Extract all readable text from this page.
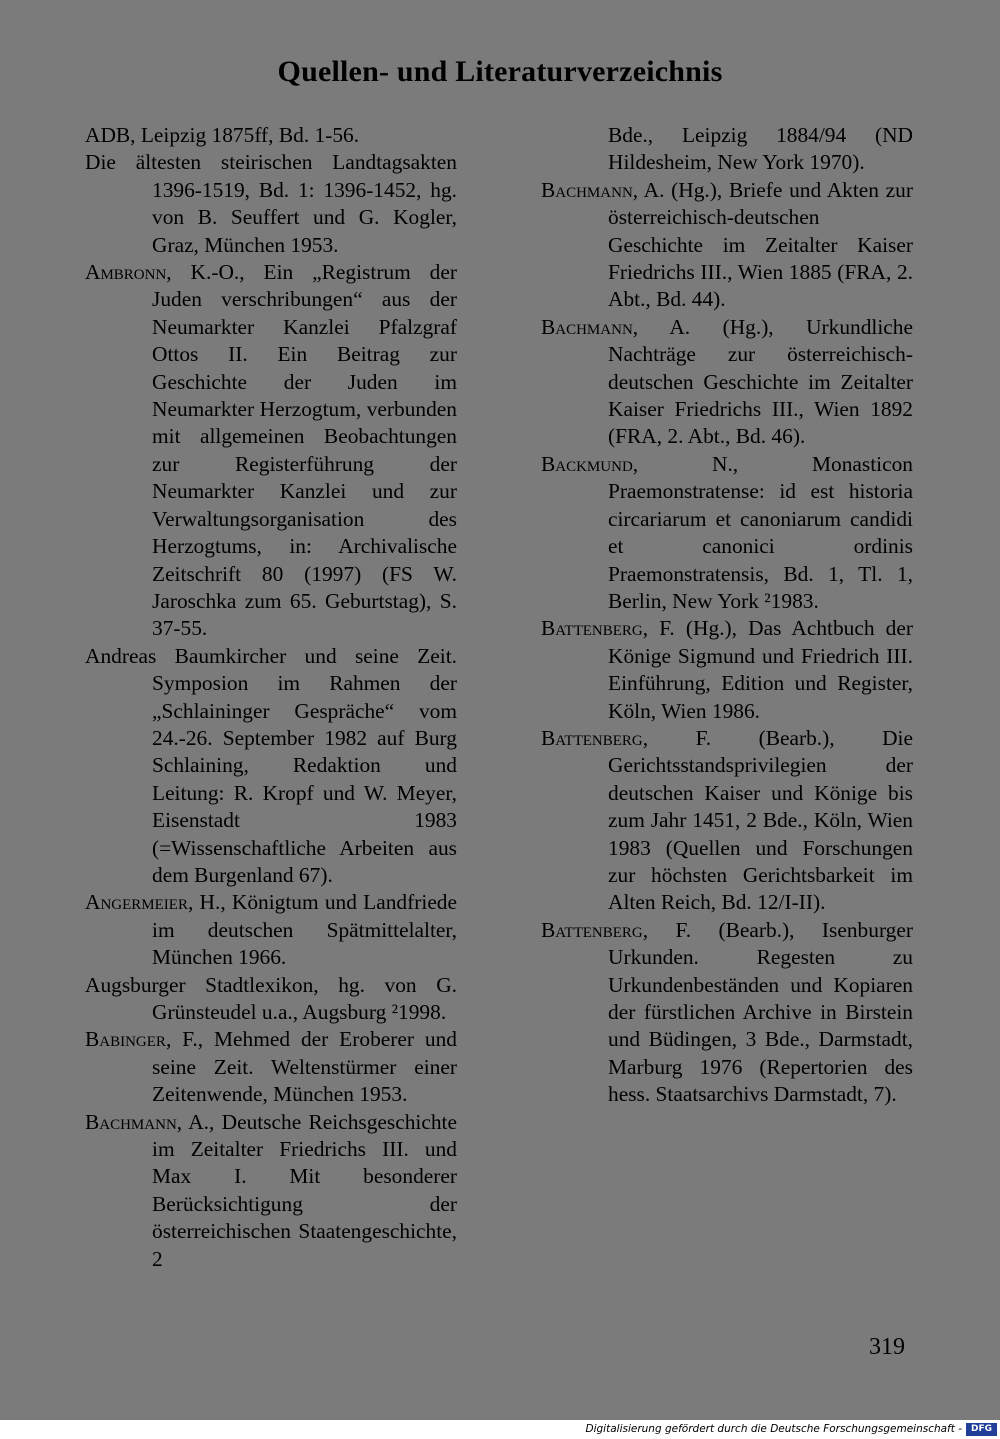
Quellen- und Literaturverzeichnis

ADB, Leipzig 1875ff, Bd. 1-56.

Die ältesten steirischen Landtagsakten 1396-1519, Bd. 1: 1396-1452, hg. von B. Seuffert und G. Kogler, Graz, München 1953.

Ambronn, K.-O., Ein „Registrum der Juden verschribungen“ aus der Neumarkter Kanzlei Pfalzgraf Ottos II. Ein Beitrag zur Geschichte der Juden im Neumarkter Herzogtum, verbunden mit allgemeinen Beobachtungen zur Registerführung der Neumarkter Kanzlei und zur Verwaltungsorganisation des Herzogtums, in: Archivalische Zeitschrift 80 (1997) (FS W. Jaroschka zum 65. Geburtstag), S. 37-55.

Andreas Baumkircher und seine Zeit. Symposion im Rahmen der „Schlaininger Gespräche“ vom 24.-26. September 1982 auf Burg Schlaining, Redaktion und Leitung: R. Kropf und W. Meyer, Eisenstadt 1983 (=Wissenschaftliche Arbeiten aus dem Burgenland 67).

Angermeier, H., Königtum und Landfriede im deutschen Spätmittelalter, München 1966.

Augsburger Stadtlexikon, hg. von G. Grünsteudel u.a., Augsburg ²1998.

Babinger, F., Mehmed der Eroberer und seine Zeit. Weltenstürmer einer Zeitenwende, München 1953.

Bachmann, A., Deutsche Reichsgeschichte im Zeitalter Friedrichs III. und Max I. Mit besonderer Berücksichtigung der österreichischen Staatengeschichte, 2

Bde., Leipzig 1884/94 (ND Hildesheim, New York 1970).

Bachmann, A. (Hg.), Briefe und Akten zur österreichisch-deutschen Geschichte im Zeitalter Kaiser Friedrichs III., Wien 1885 (FRA, 2. Abt., Bd. 44).

Bachmann, A. (Hg.), Urkundliche Nachträge zur österreichisch-deutschen Geschichte im Zeitalter Kaiser Friedrichs III., Wien 1892 (FRA, 2. Abt., Bd. 46).

Backmund, N., Monasticon Praemonstratense: id est historia circariarum et canoniarum candidi et canonici ordinis Praemonstratensis, Bd. 1, Tl. 1, Berlin, New York ²1983.

Battenberg, F. (Hg.), Das Achtbuch der Könige Sigmund und Friedrich III. Einführung, Edition und Register, Köln, Wien 1986.

Battenberg, F. (Bearb.), Die Gerichtsstandsprivilegien der deutschen Kaiser und Könige bis zum Jahr 1451, 2 Bde., Köln, Wien 1983 (Quellen und Forschungen zur höchsten Gerichtsbarkeit im Alten Reich, Bd. 12/I-II).

Battenberg, F. (Bearb.), Isenburger Urkunden. Regesten zu Urkundenbeständen und Kopiaren der fürstlichen Archive in Birstein und Büdingen, 3 Bde., Darmstadt, Marburg 1976 (Repertorien des hess. Staatsarchivs Darmstadt, 7).

319
Digitalisierung gefördert durch die Deutsche Forschungsgemeinschaft - DFG
